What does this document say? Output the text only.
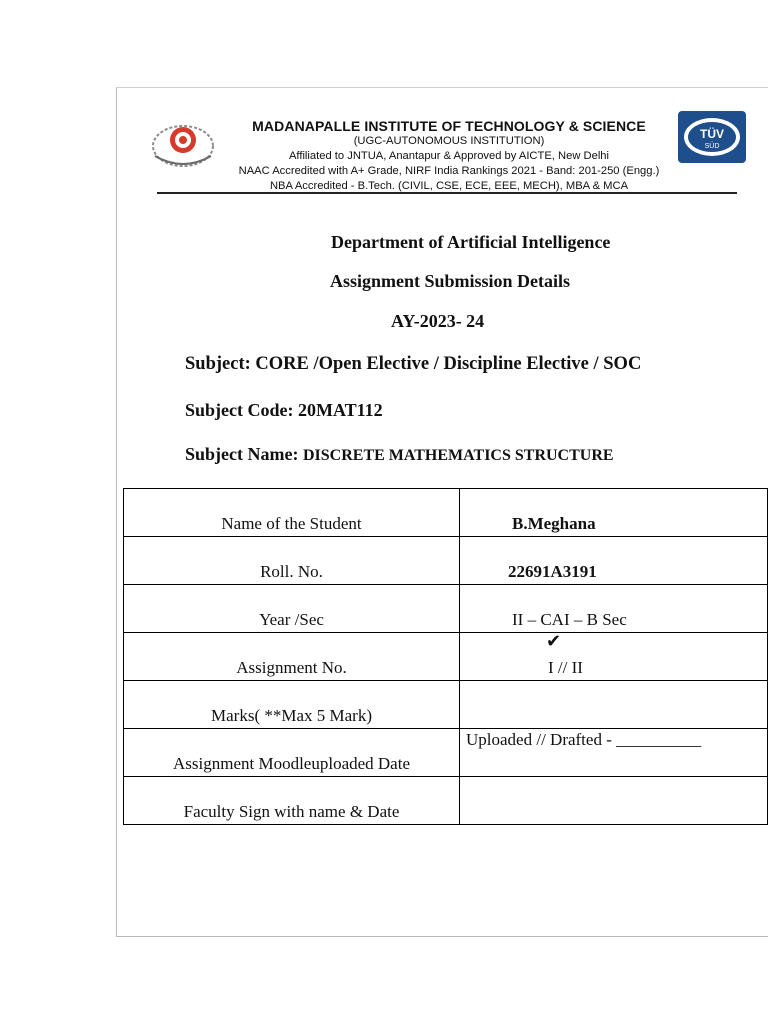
MADANAPALLE INSTITUTE OF TECHNOLOGY & SCIENCE
(UGC-AUTONOMOUS INSTITUTION)
Affiliated to JNTUA, Anantapur & Approved by AICTE, New Delhi
NAAC Accredited with A+ Grade, NIRF India Rankings 2021 - Band: 201-250 (Engg.)
NBA Accredited - B.Tech. (CIVIL, CSE, ECE, EEE, MECH), MBA & MCA
TÜV
SÜD
Department of Artificial Intelligence
Assignment Submission Details
AY-2023- 24
Subject: CORE /Open Elective / Discipline Elective / SOC
Subject Code: 20MAT112
Subject Name: DISCRETE MATHEMATICS STRUCTURE
Name of the Student	B.Meghana

Roll. No.	22691A3191

Year /Sec	II – CAI – B Sec

Assignment No.	✔
I // II

Marks( **Max 5 Mark)	
Assignment Moodleuploaded Date	Uploaded // Drafted - __________

Faculty Sign with name & Date	
